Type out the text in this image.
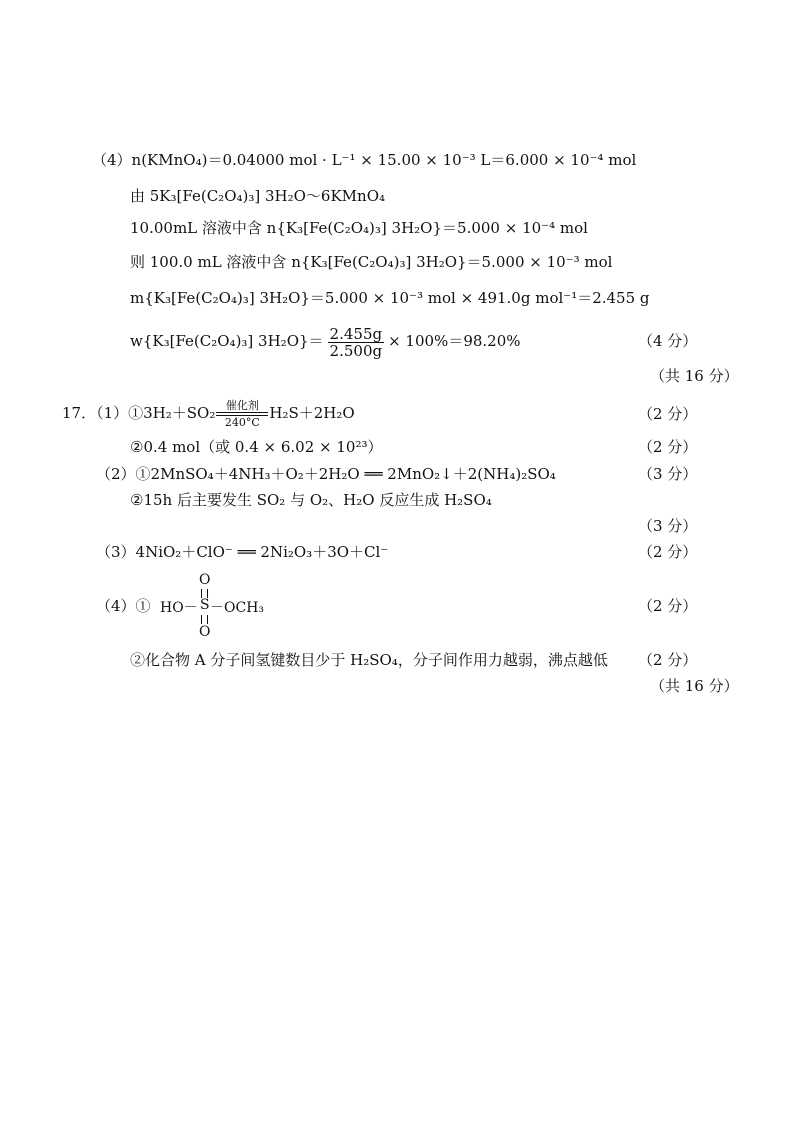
（4）n(KMnO₄)＝0.04000 mol · L⁻¹ × 15.00 × 10⁻³ L＝6.000 × 10⁻⁴ mol
由 5K₃[Fe(C₂O₄)₃] 3H₂O～6KMnO₄
10.00mL 溶液中含 n{K₃[Fe(C₂O₄)₃] 3H₂O}＝5.000 × 10⁻⁴ mol
则 100.0 mL 溶液中含 n{K₃[Fe(C₂O₄)₃] 3H₂O}＝5.000 × 10⁻³ mol
m{K₃[Fe(C₂O₄)₃] 3H₂O}＝5.000 × 10⁻³ mol × 491.0g mol⁻¹＝2.455 g
w{K₃[Fe(C₂O₄)₃] $3H_2O\}= \frac{2.455g}{2.500g} \times 100\%=98.20\%$	（4 分）
（共 16 分）
17．（1）①3H₂＋SO₂ 催化剂
240°C
H₂S＋2H₂O	（2 分）
②0.4 mol（或 0.4 × 6.02 × 10²³）	（2 分）
（2）①2MnSO₄＋4NH₃＋O₂＋2H₂O ══ 2MnO₂↓＋2(NH₄)₂SO₄	（3 分）
②15h 后主要发生 SO₂ 与 O₂、H₂O 反应生成 H₂SO₄
（3 分）
（3）4NiO₂＋ClO⁻ ══ 2Ni₂O₃＋3O＋Cl⁻	（2 分）
（4）①
O
HO－ S －OCH₃
O
（2 分）
②化合物 A 分子间氢键数目少于 H₂SO₄，分子间作用力越弱，沸点越低 （2 分）
（共 16 分）
